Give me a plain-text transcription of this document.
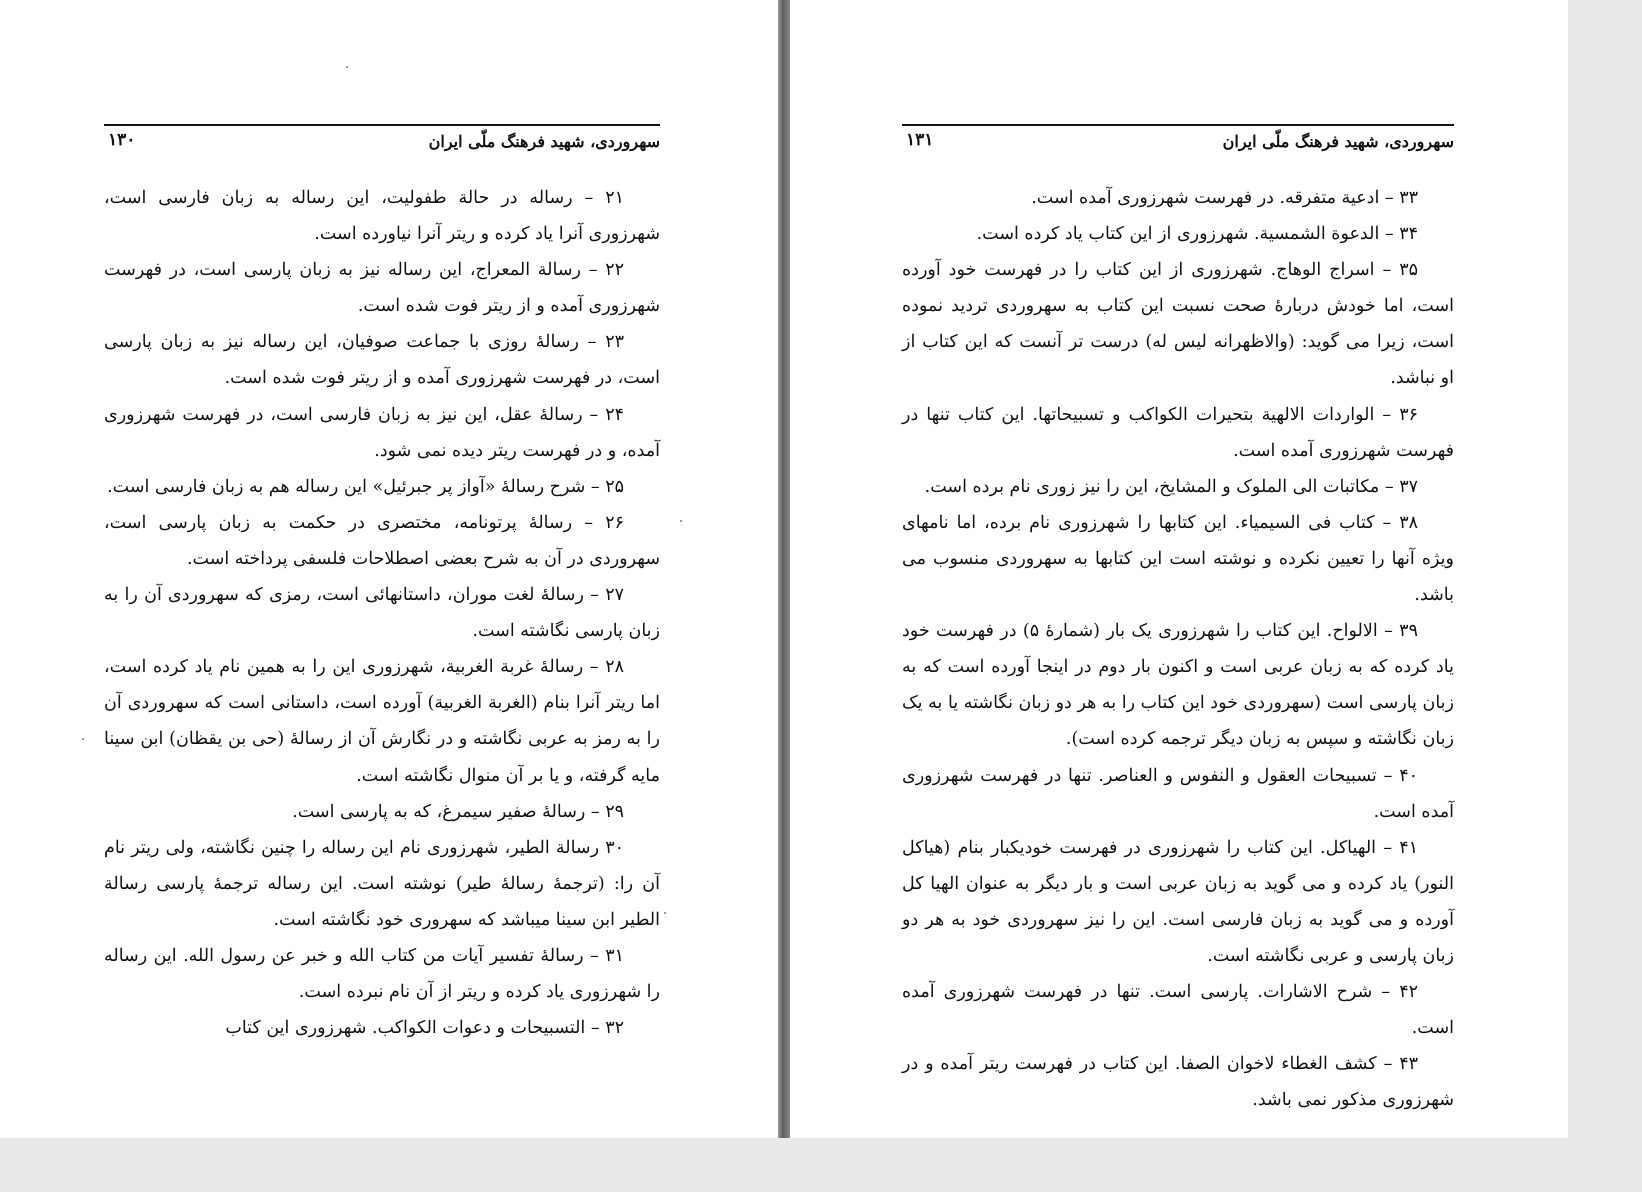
سهروردی، شهید فرهنگ ملّی ایران
۱۳۰

۲۱ – رساله در حالة طفولیت، این رساله به زبان فارسی است، شهرزوری آنرا یاد کرده و ریتر آنرا نیاورده است.

۲۲ – رسالة المعراج، این رساله نیز به زبان پارسی است، در فهرست شهرزوری آمده و از ریتر فوت شده است.

۲۳ – رسالۀ روزی با جماعت صوفیان، این رساله نیز به زبان پارسی است، در فهرست شهرزوری آمده و از ریتر فوت شده است.

۲۴ – رسالۀ عقل، این نیز به زبان فارسی است، در فهرست شهرزوری آمده، و در فهرست ریتر دیده نمی شود.

۲۵ – شرح رسالۀ «آواز پر جبرئیل» این رساله هم به زبان فارسی است.

۲۶ – رسالۀ پرتونامه، مختصری در حکمت به زبان پارسی است، سهروردی در آن به شرح بعضی اصطلاحات فلسفی پرداخته است.

۲۷ – رسالۀ لغت موران، داستانهائی است، رمزی که سهروردی آن را به زبان پارسی نگاشته است.

۲۸ – رسالۀ غربة الغربیة، شهرزوری این را به همین نام یاد کرده است، اما ریتر آنرا بنام (الغربة الغربیة) آورده است، داستانی است که سهروردی آن را به رمز به عربی نگاشته و در نگارش آن از رسالۀ (حی بن یقظان) ابن سینا مایه گرفته، و یا بر آن منوال نگاشته است.

۲۹ – رسالۀ صفیر سیمرغ، که به پارسی است.

۳۰ رسالة الطیر، شهرزوری نام این رساله را چنین نگاشته، ولی ریتر نام آن را: (ترجمۀ رسالۀ طیر) نوشته است. این رساله ترجمۀ پارسی رسالة الطیر ابن سینا میباشد که سهروری خود نگاشته است.

۳۱ – رسالۀ تفسیر آیات من کتاب الله و خبر عن رسول الله. این رساله را شهرزوری یاد کرده و ریتر از آن نام نبرده است.

۳۲ – التسبیحات و دعوات الکواکب. شهرزوری این کتاب

سهروردی، شهید فرهنگ ملّی ایران
۱۳۱

۳۳ – ادعیة متفرقه. در فهرست شهرزوری آمده است.

۳۴ – الدعوة الشمسیة. شهرزوری از این کتاب یاد کرده است.

۳۵ – اسراج الوهاج. شهرزوری از این کتاب را در فهرست خود آورده است، اما خودش دربارۀ صحت نسبت این کتاب به سهروردی تردید نموده است، زیرا می گوید: (والاظهرانه لیس له) درست تر آنست که این کتاب از او نباشد.

۳۶ – الواردات الالهیة بتحیرات الکواکب و تسبیحاتها. این کتاب تنها در فهرست شهرزوری آمده است.

۳۷ – مکاتبات الی الملوک و المشایخ، این را نیز زوری نام برده است.

۳۸ – کتاب فی السیمیاء. این کتابها را شهرزوری نام برده، اما نامهای ویژه آنها را تعیین نکرده و نوشته است این کتابها به سهروردی منسوب می باشد.

۳۹ – الالواح. این کتاب را شهرزوری یک بار (شمارۀ ۵) در فهرست خود یاد کرده که به زبان عربی است و اکنون بار دوم در اینجا آورده است که به زبان پارسی است (سهروردی خود این کتاب را به هر دو زبان نگاشته یا به یک زبان نگاشته و سپس به زبان دیگر ترجمه کرده است).

۴۰ – تسبیحات العقول و النفوس و العناصر. تنها در فهرست شهرزوری آمده است.

۴۱ – الهیاکل. این کتاب را شهرزوری در فهرست خودیکبار بنام (هیاکل النور) یاد کرده و می گوید به زبان عربی است و بار دیگر به عنوان الهیا کل آورده و می گوید به زبان فارسی است. این را نیز سهروردی خود به هر دو زبان پارسی و عربی نگاشته است.

۴۲ – شرح الاشارات. پارسی است. تنها در فهرست شهرزوری آمده است.

۴۳ – کشف الغطاء لاخوان الصفا. این کتاب در فهرست ریتر آمده و در شهرزوری مذکور نمی باشد.
